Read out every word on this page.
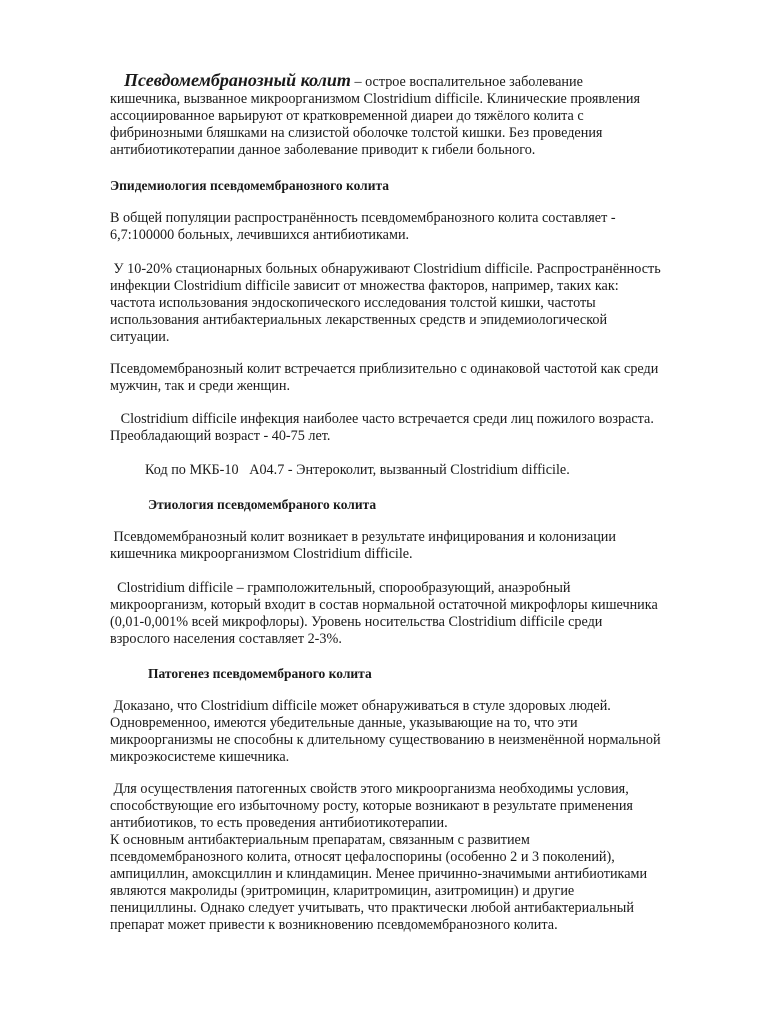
Псевдомембранозный колит – острое воспалительное заболевание
кишечника, вызванное микроорганизмом Clostridium difficile. Клинические проявления
ассоциированное варьируют от кратковременной диареи до тяжёлого колита с
фибринозными бляшками на слизистой оболочке толстой кишки. Без проведения
антибиотикотерапии данное заболевание приводит к гибели больного.

Эпидемиология псевдомембранозного колита

В общей популяции распространённость псевдомембранозного колита составляет -
6,7:100000 больных, лечившихся антибиотиками.

У 10-20% стационарных больных обнаруживают Clostridium difficile. Распространённость
инфекции Clostridium difficile зависит от множества факторов, например, таких как:
частота использования эндоскопического исследования толстой кишки, частоты
использования антибактериальных лекарственных средств и эпидемиологической
ситуации.

Псевдомембранозный колит встречается приблизительно с одинаковой частотой как среди
мужчин, так и среди женщин.

Clostridium difficile инфекция наиболее часто встречается среди лиц пожилого возраста.
Преобладающий возраст - 40-75 лет.

Код по МКБ-10   A04.7 - Энтероколит, вызванный Clostridium difficile.

Этиология псевдомембраного колита

Псевдомембранозный колит возникает в результате инфицирования и колонизации
кишечника микроорганизмом Clostridium difficile.

Clostridium difficile – грамположительный, спорообразующий, анаэробный
микроорганизм, который входит в состав нормальной остаточной микрофлоры кишечника
(0,01-0,001% всей микрофлоры). Уровень носительства Clostridium difficile среди
взрослого населения составляет 2-3%.

Патогенез псевдомембраного колита

Доказано, что Clostridium difficile может обнаруживаться в стуле здоровых людей.
Одновременноо, имеются убедительные данные, указывающие на то, что эти
микроорганизмы не способны к длительному существованию в неизменённой нормальной
микроэкосистеме кишечника.

Для осуществления патогенных свойств этого микроорганизма необходимы условия,
способствующие его избыточному росту, которые возникают в результате применения
антибиотиков, то есть проведения антибиотикотерапии.
К основным антибактериальным препаратам, связанным с развитием
псевдомембранозного колита, относят цефалоспорины (особенно 2 и 3 поколений),
ампициллин, амоксциллин и клиндамицин. Менее причинно-значимыми антибиотиками
являются макролиды (эритромицин, кларитромицин, азитромицин) и другие
пенициллины. Однако следует учитывать, что практически любой антибактериальный
препарат может привести к возникновению псевдомембранозного колита.
